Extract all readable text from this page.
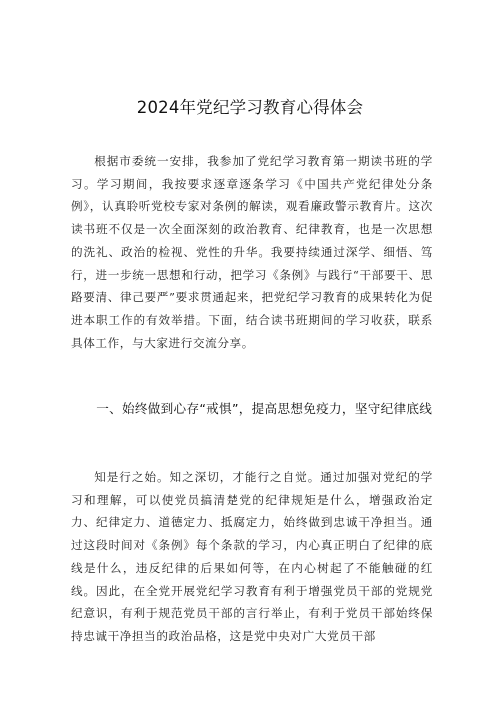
2024年党纪学习教育心得体会

根据市委统一安排，我参加了党纪学习教育第一期读书班的学习。学习期间，我按要求逐章逐条学习《中国共产党纪律处分条例》，认真聆听党校专家对条例的解读，观看廉政警示教育片。这次读书班不仅是一次全面深刻的政治教育、纪律教育，也是一次思想的洗礼、政治的检视、党性的升华。我要持续通过深学、细悟、笃行，进一步统一思想和行动，把学习《条例》与践行“干部要干、思路要清、律己要严”要求贯通起来，把党纪学习教育的成果转化为促进本职工作的有效举措。下面，结合读书班期间的学习收获，联系具体工作，与大家进行交流分享。

一、始终做到心存“戒惧”，提高思想免疫力，坚守纪律底线

知是行之始。知之深切，才能行之自觉。通过加强对党纪的学习和理解，可以使党员搞清楚党的纪律规矩是什么，增强政治定力、纪律定力、道德定力、抵腐定力，始终做到忠诚干净担当。通过这段时间对《条例》每个条款的学习，内心真正明白了纪律的底线是什么，违反纪律的后果如何等，在内心树起了不能触碰的红线。因此，在全党开展党纪学习教育有利于增强党员干部的党规党纪意识，有利于规范党员干部的言行举止，有利于党员干部始终保持忠诚干净担当的政治品格，这是党中央对广大党员干部
